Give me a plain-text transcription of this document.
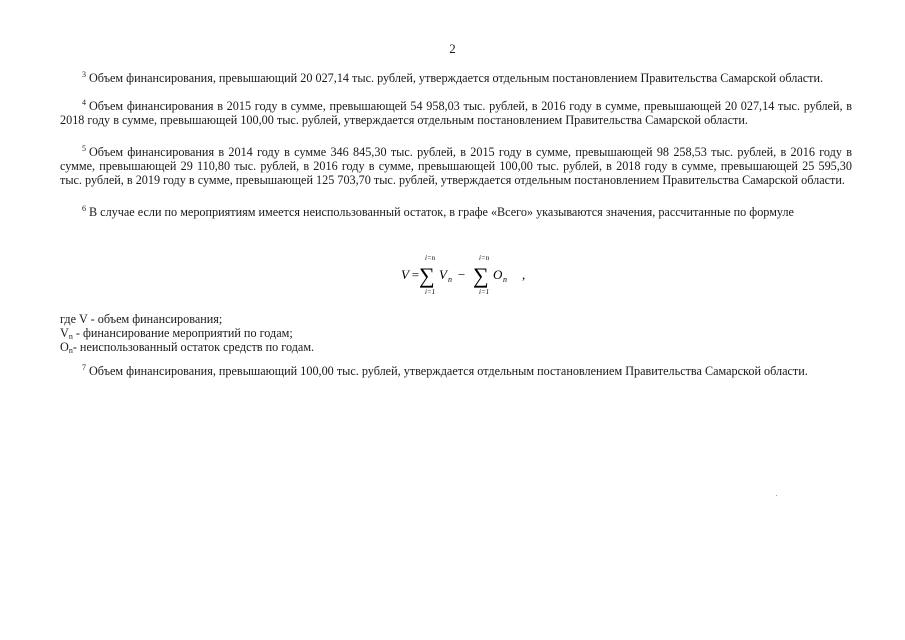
2

$^3$ Объем финансирования, превышающий 20 027,14 тыс. рублей, утверждается отдельным постановлением Правительства Самарской области.

$^4$ Объем финансирования в 2015 году в сумме, превышающей 54 958,03 тыс. рублей, в 2016 году в сумме, превышающей 20 027,14 тыс. рублей, в 2018 году в сумме, превышающей 100,00 тыс. рублей, утверждается отдельным постановлением Правительства Самарской области.

$^5$ Объем финансирования в 2014 году в сумме 346 845,30 тыс. рублей, в 2015 году в сумме, превышающей 98 258,53 тыс. рублей, в 2016 году в сумме, превышающей 29 110,80 тыс. рублей, в 2016 году в сумме, превышающей 100,00 тыс. рублей, в 2018 году в сумме, превышающей 25 595,30 тыс. рублей, в 2019 году в сумме, превышающей 125 703,70 тыс. рублей, утверждается отдельным постановлением Правительства Самарской области.

$^6$ В случае если по мероприятиям имеется неиспользованный остаток, в графе «Всего» указываются значения, рассчитанные по формуле

V =
i=n
∑
i=1
V n −
i=n
∑
i=1
O n ,
где V - объем финансирования;
$V_n$ - финансирование мероприятий по годам;
$O_n-$ неиспользованный остаток средств по годам.

$^7$ Объем финансирования, превышающий 100,00 тыс. рублей, утверждается отдельным постановлением Правительства Самарской области.
